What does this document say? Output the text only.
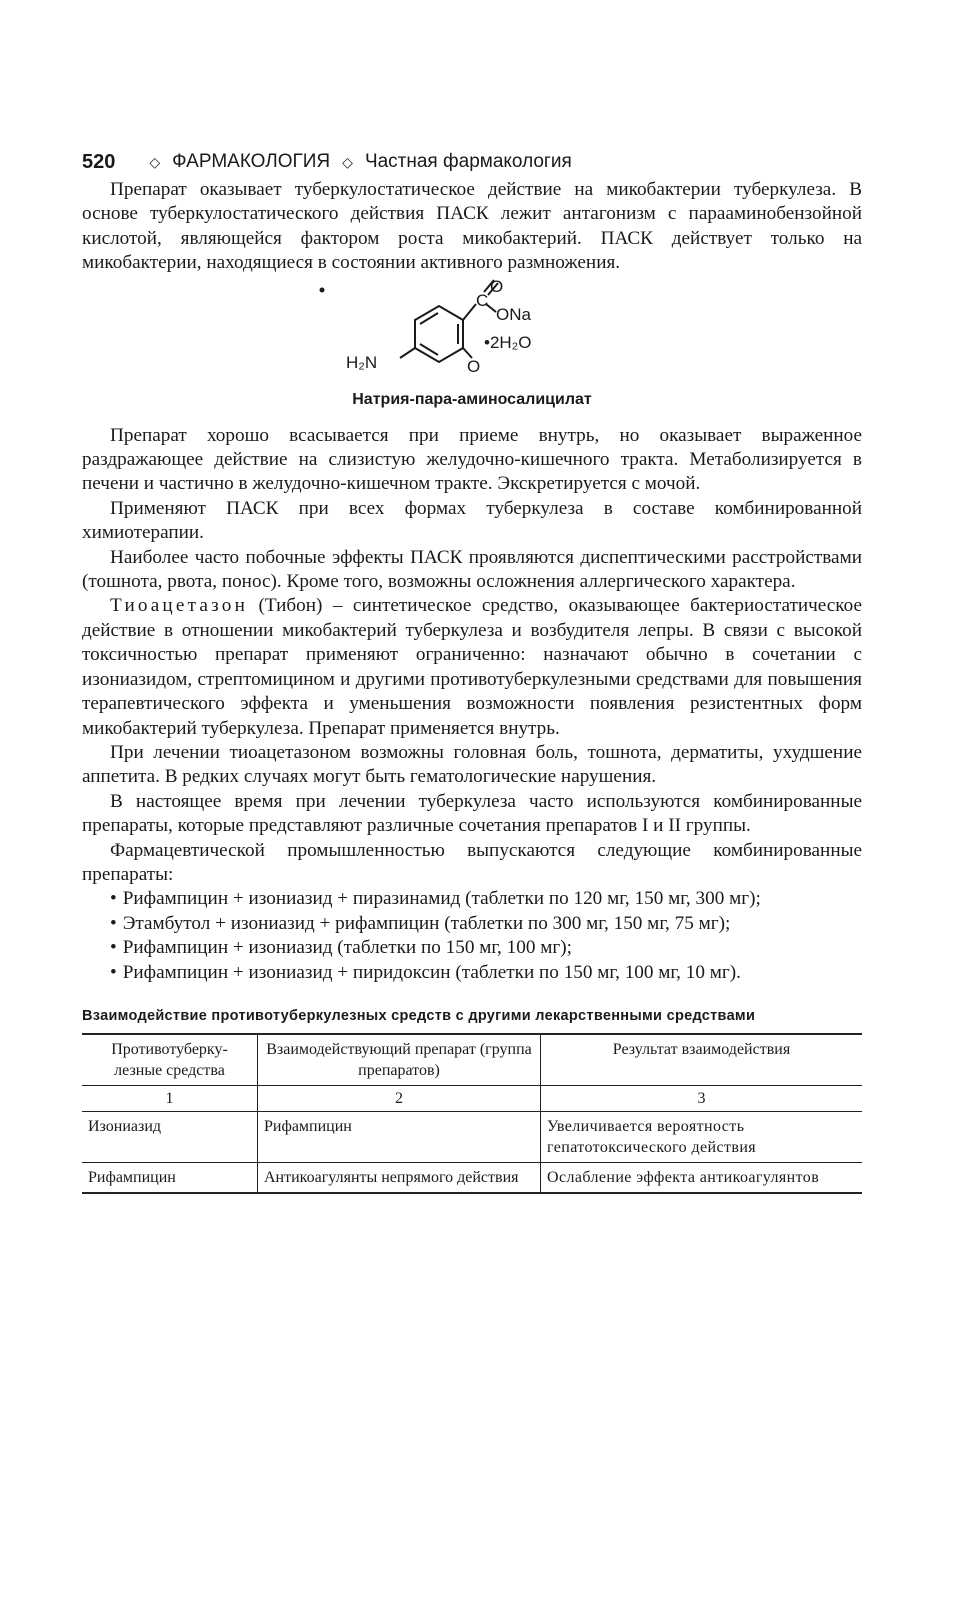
520 ◇ ФАРМАКОЛОГИЯ ◇ Частная фармакология

Препарат оказывает туберкулостатическое действие на микобактерии туберкулеза. В основе туберкулостатического действия ПАСК лежит антагонизм с парааминобензойной кислотой, являющейся фактором роста микобактерий. ПАСК действует только на микобактерии, находящиеся в состоянии активного размножения.

O
C
ONa
•2H₂O
H₂N	O
Натрия-пара-аминосалицилат

Препарат хорошо всасывается при приеме внутрь, но оказывает выраженное раздражающее действие на слизистую желудочно-кишечного тракта. Метаболизируется в печени и частично в желудочно-кишечном тракте. Экскретируется с мочой.

Применяют ПАСК при всех формах туберкулеза в составе комбинированной химиотерапии.

Наиболее часто побочные эффекты ПАСК проявляются диспептическими расстройствами (тошнота, рвота, понос). Кроме того, возможны осложнения аллергического характера.

Тиоацетазон (Тибон) – синтетическое средство, оказывающее бактериостатическое действие в отношении микобактерий туберкулеза и возбудителя лепры. В связи с высокой токсичностью препарат применяют ограниченно: назначают обычно в сочетании с изониазидом, стрептомицином и другими противотуберкулезными средствами для повышения терапевтического эффекта и уменьшения возможности появления резистентных форм микобактерий туберкулеза. Препарат применяется внутрь.

При лечении тиоацетазоном возможны головная боль, тошнота, дерматиты, ухудшение аппетита. В редких случаях могут быть гематологические нарушения.

В настоящее время при лечении туберкулеза часто используются комбинированные препараты, которые представляют различные сочетания препаратов I и II группы.

Фармацевтической промышленностью выпускаются следующие комбинированные препараты:

• Рифампицин + изониазид + пиразинамид (таблетки по 120 мг, 150 мг, 300 мг);
• Этамбутол + изониазид + рифампицин (таблетки по 300 мг, 150 мг, 75 мг);
• Рифампицин + изониазид (таблетки по 150 мг, 100 мг);
• Рифампицин + изониазид + пиридоксин (таблетки по 150 мг, 100 мг, 10 мг).
Взаимодействие противотуберкулезных средств с другими лекарственными средствами
Противотуберку-лезные средства	Взаимодействующий препарат (группа препаратов)	Результат взаимодействия
1	2	3
Изониазид	Рифампицин	Увеличивается вероятность гепатотоксического действия
Рифампицин	Антикоагулянты непрямого действия	Ослабление эффекта антикоагулянтов
